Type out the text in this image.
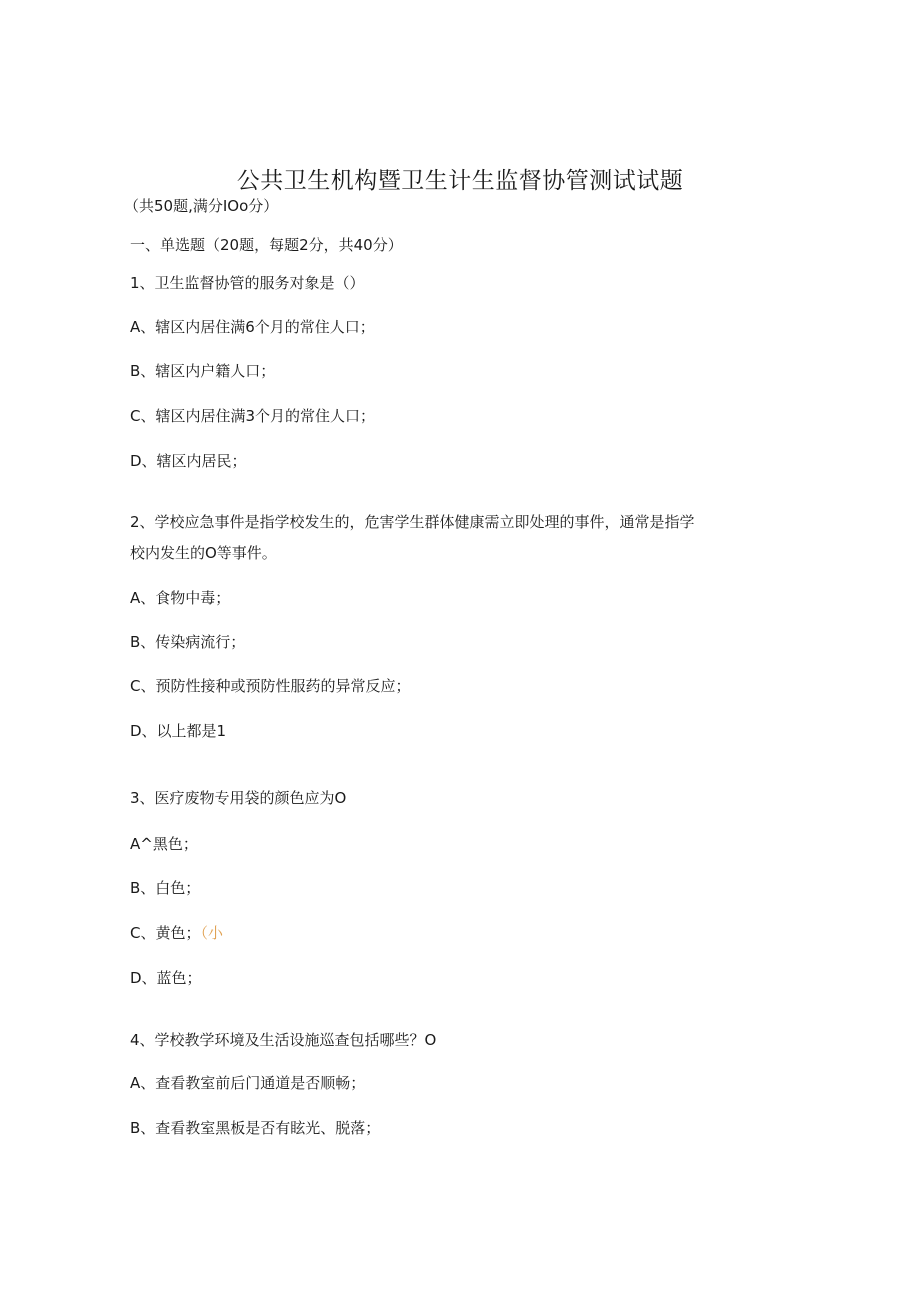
公共卫生机构暨卫生计生监督协管测试试题
（共50题,满分IOo分）
一、单选题（20题，每题2分，共40分）
1、卫生监督协管的服务对象是（）
A、辖区内居住满6个月的常住人口；
B、辖区内户籍人口；
C、辖区内居住满3个月的常住人口；
D、辖区内居民；
2、学校应急事件是指学校发生的，危害学生群体健康需立即处理的事件，通常是指学
校内发生的O等事件。
A、食物中毒；
B、传染病流行；
C、预防性接种或预防性服药的异常反应；
D、以上都是1
3、医疗废物专用袋的颜色应为O
A^黑色；
B、白色；
C、黄色；（小
D、蓝色；
4、学校教学环境及生活设施巡查包括哪些？O
A、查看教室前后门通道是否顺畅；
B、查看教室黑板是否有眩光、脱落；
